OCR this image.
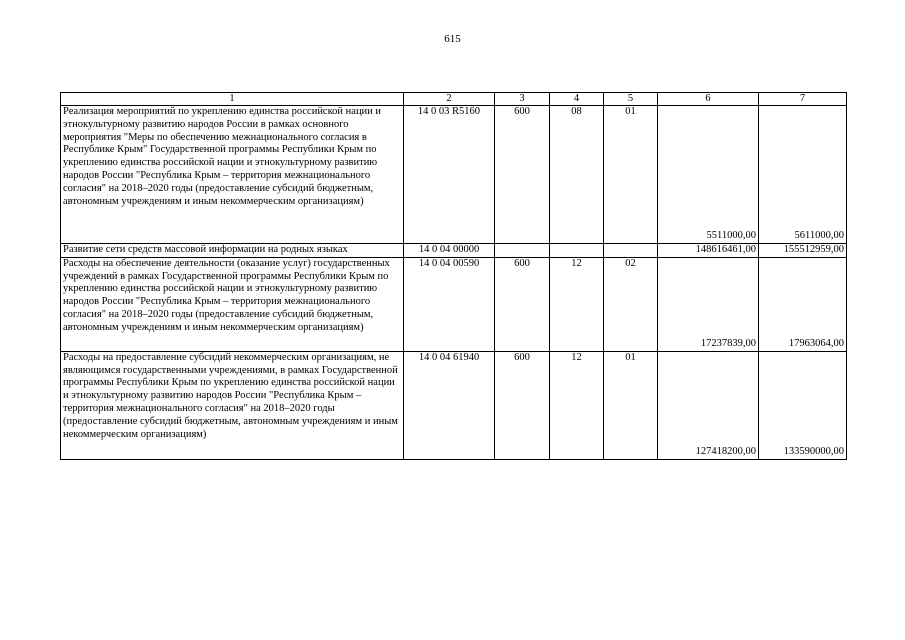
615
1	2	3	4	5	6	7
Реализация мероприятий по укреплению единства российской нации и этнокультурному развитию народов России в рамках основного мероприятия "Меры по обеспечению межнационального согласия в Республике Крым" Государственной программы Республики Крым по укреплению единства российской нации и этнокультурному развитию народов России "Республика Крым – территория межнационального согласия" на 2018–2020 годы (предоставление субсидий бюджетным, автономным учреждениям и иным некоммерческим организациям)	14 0 03 R5160	600	08	01	5511000,00	5611000,00
Развитие сети средств массовой информации на родных языках	14 0 04 00000				148616461,00	155512959,00
Расходы на обеспечение деятельности (оказание услуг) государственных учреждений в рамках Государственной программы Республики Крым по укреплению единства российской нации и этнокультурному развитию народов России "Республика Крым – территория межнационального согласия" на 2018–2020 годы (предоставление субсидий бюджетным, автономным учреждениям и иным некоммерческим организациям)	14 0 04 00590	600	12	02	17237839,00	17963064,00
Расходы на предоставление субсидий некоммерческим организациям, не являющимся государственными учреждениями, в рамках Государственной программы Республики Крым по укреплению единства российской нации и этнокультурному развитию народов России "Республика Крым – территория межнационального согласия" на 2018–2020 годы (предоставление субсидий бюджетным, автономным учреждениям и иным некоммерческим организациям)	14 0 04 61940	600	12	01	127418200,00	133590000,00
